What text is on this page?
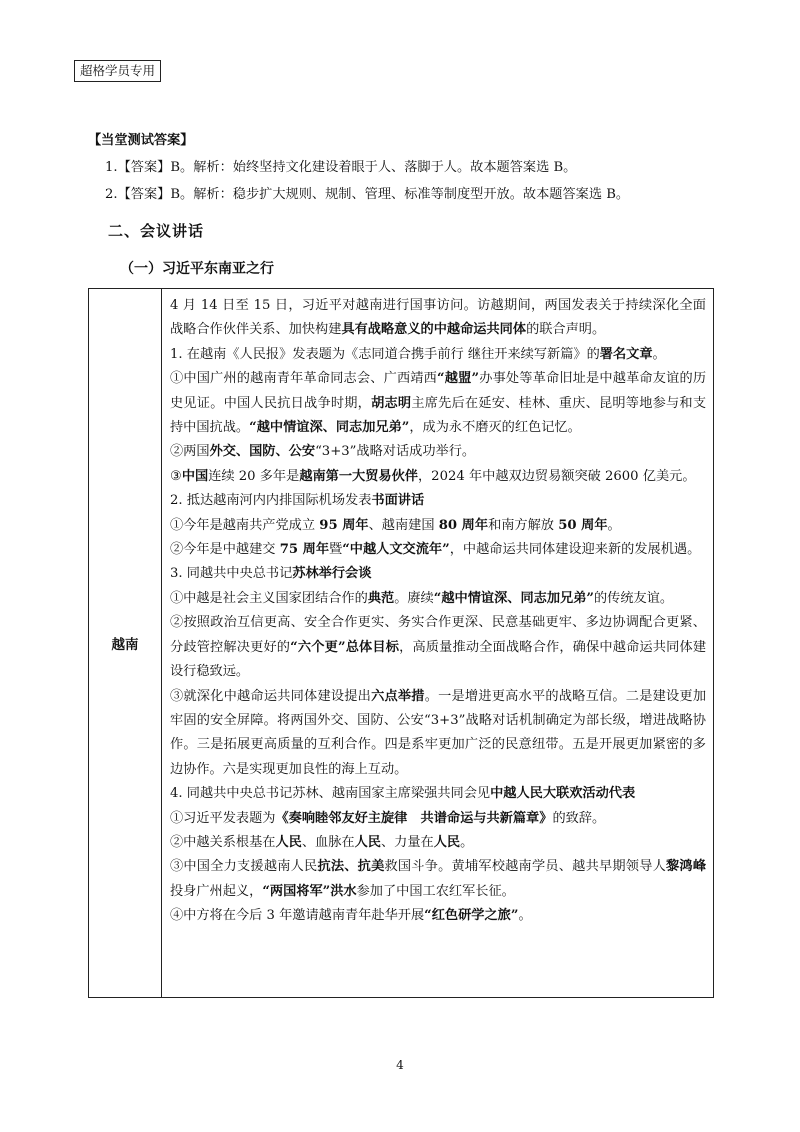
超格学员专用
【当堂测试答案】
1.【答案】B。解析：始终坚持文化建设着眼于人、落脚于人。故本题答案选 B。
2.【答案】B。解析：稳步扩大规则、规制、管理、标准等制度型开放。故本题答案选 B。
二、会议讲话
（一）习近平东南亚之行
越南	

4 月 14 日至 15 日，习近平对越南进行国事访问。访越期间，两国发表关于持续深化全面战略合作伙伴关系、加快构建具有战略意义的中越命运共同体的联合声明。

1. 在越南《人民报》发表题为《志同道合携手前行 继往开来续写新篇》的署名文章。

①中国广州的越南青年革命同志会、广西靖西“越盟”办事处等革命旧址是中越革命友谊的历史见证。中国人民抗日战争时期，胡志明主席先后在延安、桂林、重庆、昆明等地参与和支持中国抗战。“越中情谊深、同志加兄弟”，成为永不磨灭的红色记忆。

②两国外交、国防、公安“3+3”战略对话成功举行。

③中国连续 20 多年是越南第一大贸易伙伴，2024 年中越双边贸易额突破 2600 亿美元。

2. 抵达越南河内内排国际机场发表书面讲话

①今年是越南共产党成立 95 周年、越南建国 80 周年和南方解放 50 周年。

②今年是中越建交 75 周年暨“中越人文交流年”，中越命运共同体建设迎来新的发展机遇。

3. 同越共中央总书记苏林举行会谈

①中越是社会主义国家团结合作的典范。赓续“越中情谊深、同志加兄弟”的传统友谊。

②按照政治互信更高、安全合作更实、务实合作更深、民意基础更牢、多边协调配合更紧、分歧管控解决更好的“六个更”总体目标，高质量推动全面战略合作，确保中越命运共同体建设行稳致远。

③就深化中越命运共同体建设提出六点举措。一是增进更高水平的战略互信。二是建设更加牢固的安全屏障。将两国外交、国防、公安“3+3”战略对话机制确定为部长级，增进战略协作。三是拓展更高质量的互利合作。四是系牢更加广泛的民意纽带。五是开展更加紧密的多边协作。六是实现更加良性的海上互动。

4. 同越共中央总书记苏林、越南国家主席梁强共同会见中越人民大联欢活动代表

①习近平发表题为《奏响睦邻友好主旋律　共谱命运与共新篇章》的致辞。

②中越关系根基在人民、血脉在人民、力量在人民。

③中国全力支援越南人民抗法、抗美救国斗争。黄埔军校越南学员、越共早期领导人黎鸿峰投身广州起义，“两国将军”洪水参加了中国工农红军长征。

④中方将在今后 3 年邀请越南青年赴华开展“红色研学之旅”。

4
